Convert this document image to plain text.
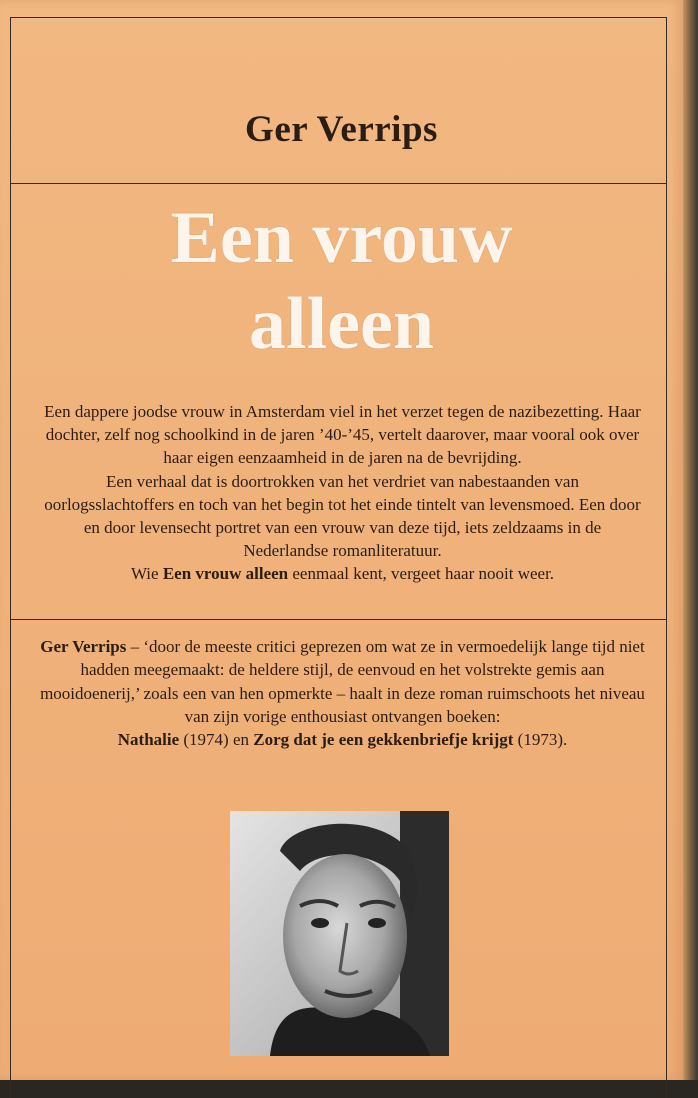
Ger Verrips
Een vrouw
alleen

Een dappere joodse vrouw in Amsterdam viel in het verzet tegen de nazibezetting. Haar dochter, zelf nog schoolkind in de jaren ’40-’45, vertelt daarover, maar vooral ook over haar eigen eenzaamheid in de jaren na de bevrijding.

Een verhaal dat is doortrokken van het verdriet van nabestaanden van oorlogsslachtoffers en toch van het begin tot het einde tintelt van levensmoed. Een door en door levensecht portret van een vrouw van deze tijd, iets zeldzaams in de Nederlandse romanliteratuur.

Wie Een vrouw alleen eenmaal kent, vergeet haar nooit weer.

Ger Verrips – ‘door de meeste critici geprezen om wat ze in vermoedelijk lange tijd niet hadden meegemaakt: de heldere stijl, de eenvoud en het volstrekte gemis aan mooidoenerij,’ zoals een van hen opmerkte – haalt in deze roman ruimschoots het niveau van zijn vorige enthousiast ontvangen boeken:
Nathalie (1974) en Zorg dat je een gekkenbriefje krijgt (1973).
